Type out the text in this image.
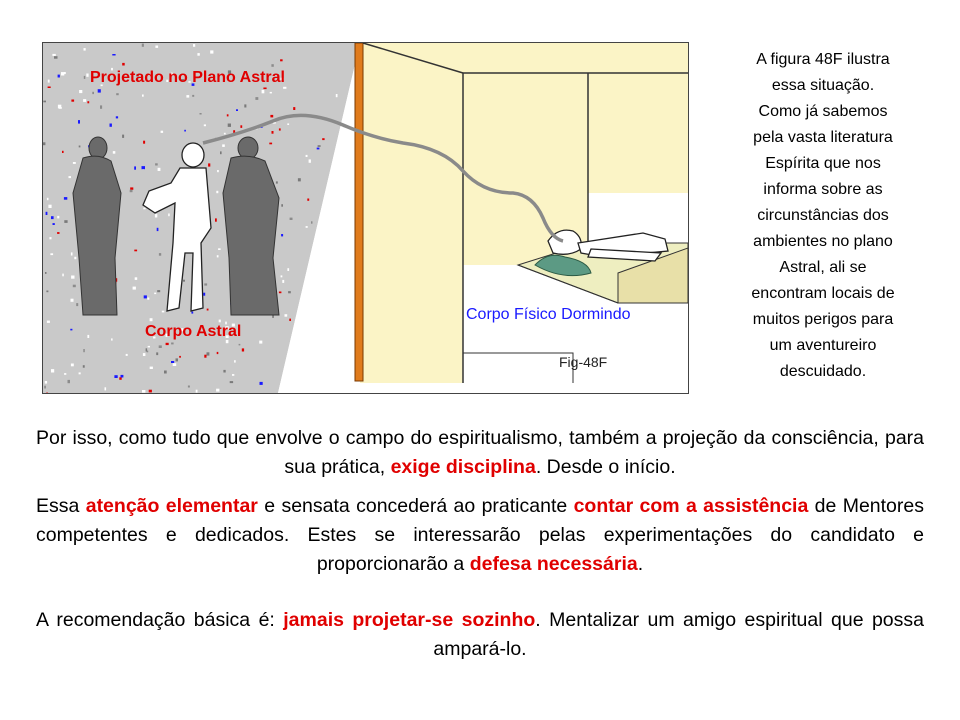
Projetado no Plano Astral
Corpo Astral
Corpo Físico Dormindo
Fig-48F
A figura 48F ilustra
essa situação.
Como já sabemos
pela vasta literatura
Espírita que nos
informa sobre as
circunstâncias dos
ambientes no plano
Astral, ali se
encontram locais de
muitos perigos para
um aventureiro
descuidado.

Por isso, como tudo que envolve o campo do espiritualismo, também a projeção da consciência, para sua prática, exige disciplina. Desde o início.

Essa atenção elementar e sensata concederá ao praticante contar com a assistência de Mentores competentes e dedicados. Estes se interessarão pelas experimentações do candidato e proporcionarão a defesa necessária.

A recomendação básica é: jamais projetar-se sozinho. Mentalizar um amigo espiritual que possa ampará-lo.
